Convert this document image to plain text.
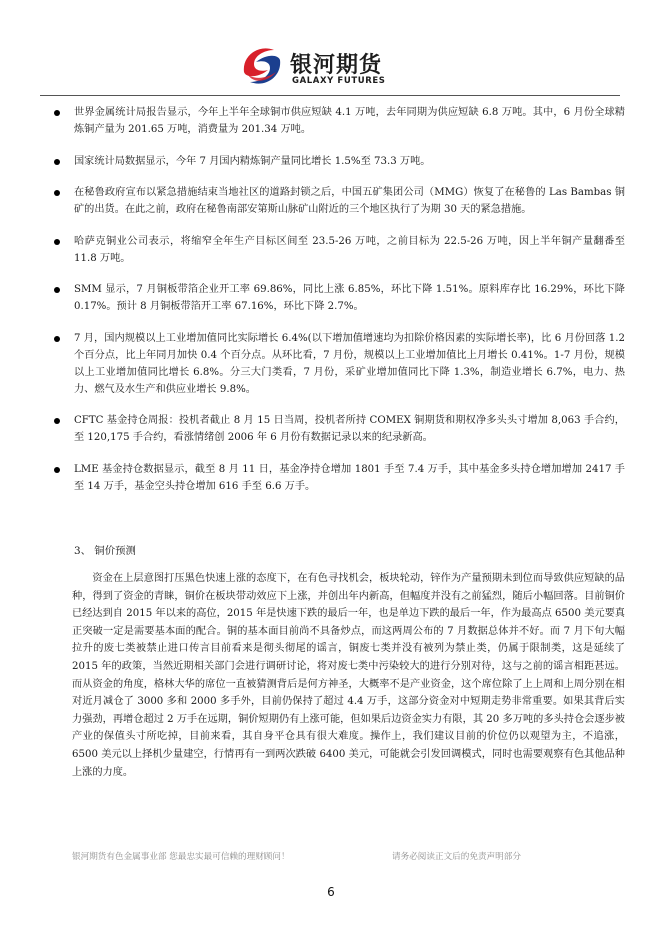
银河期货
GALAXY FUTURES
世界金属统计局报告显示，今年上半年全球铜市供应短缺 4.1 万吨，去年同期为供应短缺 6.8 万吨。其中，6 月份全球精炼铜产量为 201.65 万吨，消费量为 201.34 万吨。
国家统计局数据显示，今年 7 月国内精炼铜产量同比增长 1.5%至 73.3 万吨。
在秘鲁政府宣布以紧急措施结束当地社区的道路封锁之后，中国五矿集团公司（MMG）恢复了在秘鲁的 Las Bambas 铜矿的出货。在此之前，政府在秘鲁南部安第斯山脉矿山附近的三个地区执行了为期 30 天的紧急措施。
哈萨克铜业公司表示，将缩窄全年生产目标区间至 23.5-26 万吨，之前目标为 22.5-26 万吨，因上半年铜产量翻番至 11.8 万吨。
SMM 显示，7 月铜板带箔企业开工率 69.86%，同比上涨 6.85%，环比下降 1.51%。原料库存比 16.29%，环比下降 0.17%。预计 8 月铜板带箔开工率 67.16%，环比下降 2.7%。
7 月，国内规模以上工业增加值同比实际增长 6.4%(以下增加值增速均为扣除价格因素的实际增长率)，比 6 月份回落 1.2 个百分点，比上年同月加快 0.4 个百分点。从环比看，7 月份，规模以上工业增加值比上月增长 0.41%。1-7 月份，规模以上工业增加值同比增长 6.8%。分三大门类看，7 月份，采矿业增加值同比下降 1.3%，制造业增长 6.7%，电力、热力、燃气及水生产和供应业增长 9.8%。
CFTC 基金持仓周报：投机者截止 8 月 15 日当周，投机者所持 COMEX 铜期货和期权净多头头寸增加 8,063 手合约，至 120,175 手合约，看涨情绪创 2006 年 6 月份有数据记录以来的纪录新高。
LME 基金持仓数据显示，截至 8 月 11 日，基金净持仓增加 1801 手至 7.4 万手，其中基金多头持仓增加增加 2417 手至 14 万手，基金空头持仓增加 616 手至 6.6 万手。
3、 铜价预测

资金在上层意图打压黑色快速上涨的态度下，在有色寻找机会，板块轮动，锌作为产量预期未到位而导致供应短缺的品种，得到了资金的青睐，铜价在板块带动效应下上涨，并创出年内新高，但幅度并没有之前猛烈，随后小幅回落。目前铜价已经达到自 2015 年以来的高位，2015 年是快速下跌的最后一年，也是单边下跌的最后一年，作为最高点 6500 美元要真正突破一定是需要基本面的配合。铜的基本面目前尚不具备炒点，而这两周公布的 7 月数据总体并不好。而 7 月下旬大幅拉升的废七类被禁止进口传言目前看来是彻头彻尾的谣言，铜废七类并没有被列为禁止类，仍属于限制类，这是延续了 2015 年的政策，当然近期相关部门会进行调研讨论，将对废七类中污染较大的进行分别对待，这与之前的谣言相距甚远。而从资金的角度，格林大华的席位一直被猜测背后是何方神圣，大概率不是产业资金，这个席位除了上上周和上周分别在相对近月减仓了 3000 多和 2000 多手外，目前仍保持了超过 4.4 万手，这部分资金对中短期走势非常重要。如果其背后实力强劲，再增仓超过 2 万手在远期，铜价短期仍有上涨可能，但如果后边资金实力有限，其 20 多万吨的多头持仓会逐步被产业的保值头寸所吃掉，目前来看，其自身平仓具有很大难度。操作上，我们建议目前的价位仍以观望为主，不追涨，6500 美元以上择机少量建空，行情再有一到两次跌破 6400 美元，可能就会引发回调模式，同时也需要观察有色其他品种上涨的力度。

银河期货有色金属事业部 您最忠实最可信赖的理财顾问！	请务必阅读正文后的免责声明部分
6
